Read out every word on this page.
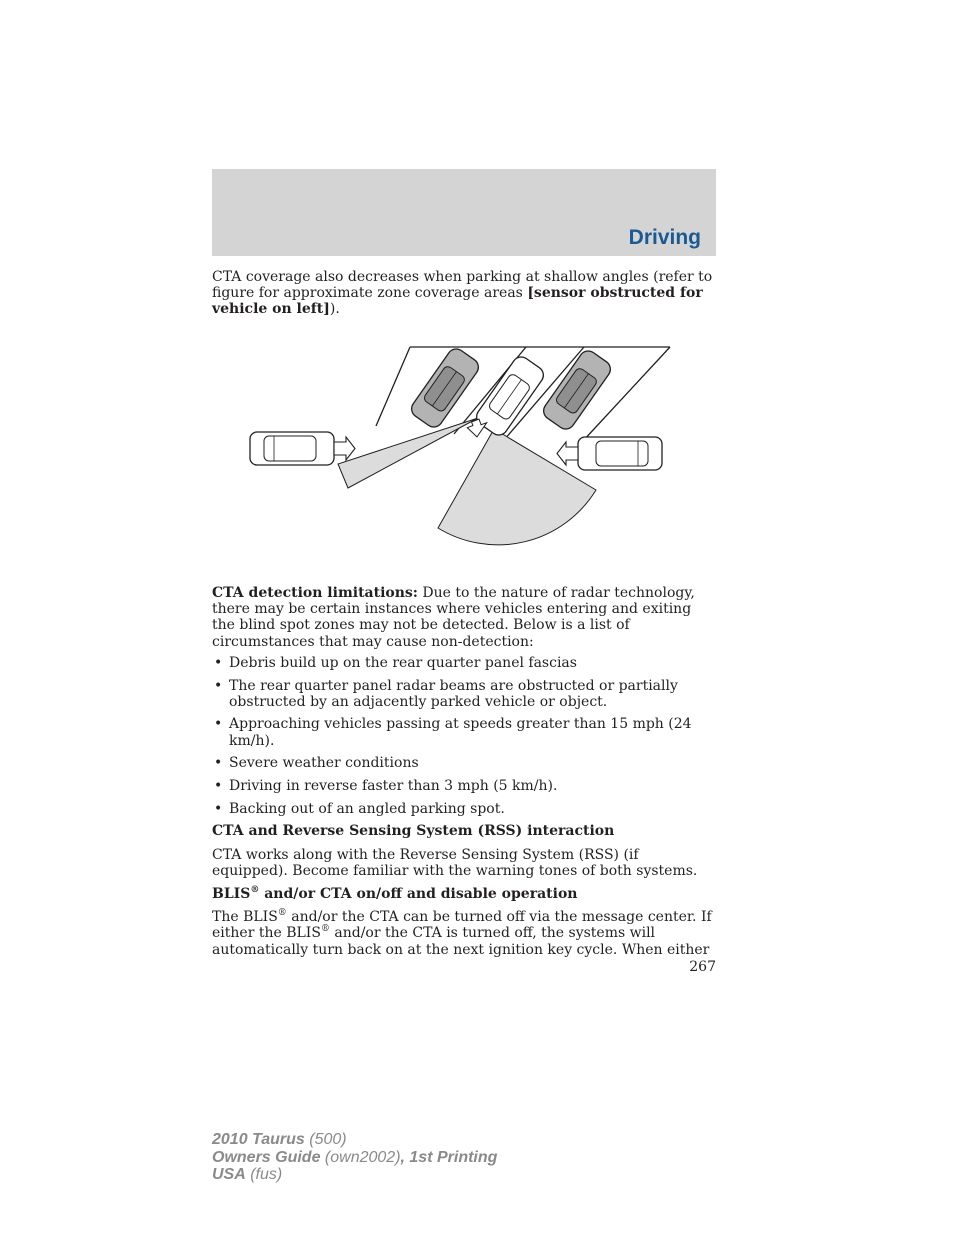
Driving

CTA coverage also decreases when parking at shallow angles (refer to figure for approximate zone coverage areas [sensor obstructed for vehicle on left]).

CTA detection limitations: Due to the nature of radar technology, there may be certain instances where vehicles entering and exiting the blind spot zones may not be detected. Below is a list of circumstances that may cause non-detection:

• Debris build up on the rear quarter panel fascias
• The rear quarter panel radar beams are obstructed or partially obstructed by an adjacently parked vehicle or object.
• Approaching vehicles passing at speeds greater than 15 mph (24 km/h).
• Severe weather conditions
• Driving in reverse faster than 3 mph (5 km/h).
• Backing out of an angled parking spot.

CTA and Reverse Sensing System (RSS) interaction

CTA works along with the Reverse Sensing System (RSS) (if equipped). Become familiar with the warning tones of both systems.

BLIS® and/or CTA on/off and disable operation

The BLIS® and/or the CTA can be turned off via the message center. If either the BLIS® and/or the CTA is turned off, the systems will automatically turn back on at the next ignition key cycle. When either

267
2010 Taurus (500)
Owners Guide (own2002), 1st Printing
USA (fus)
